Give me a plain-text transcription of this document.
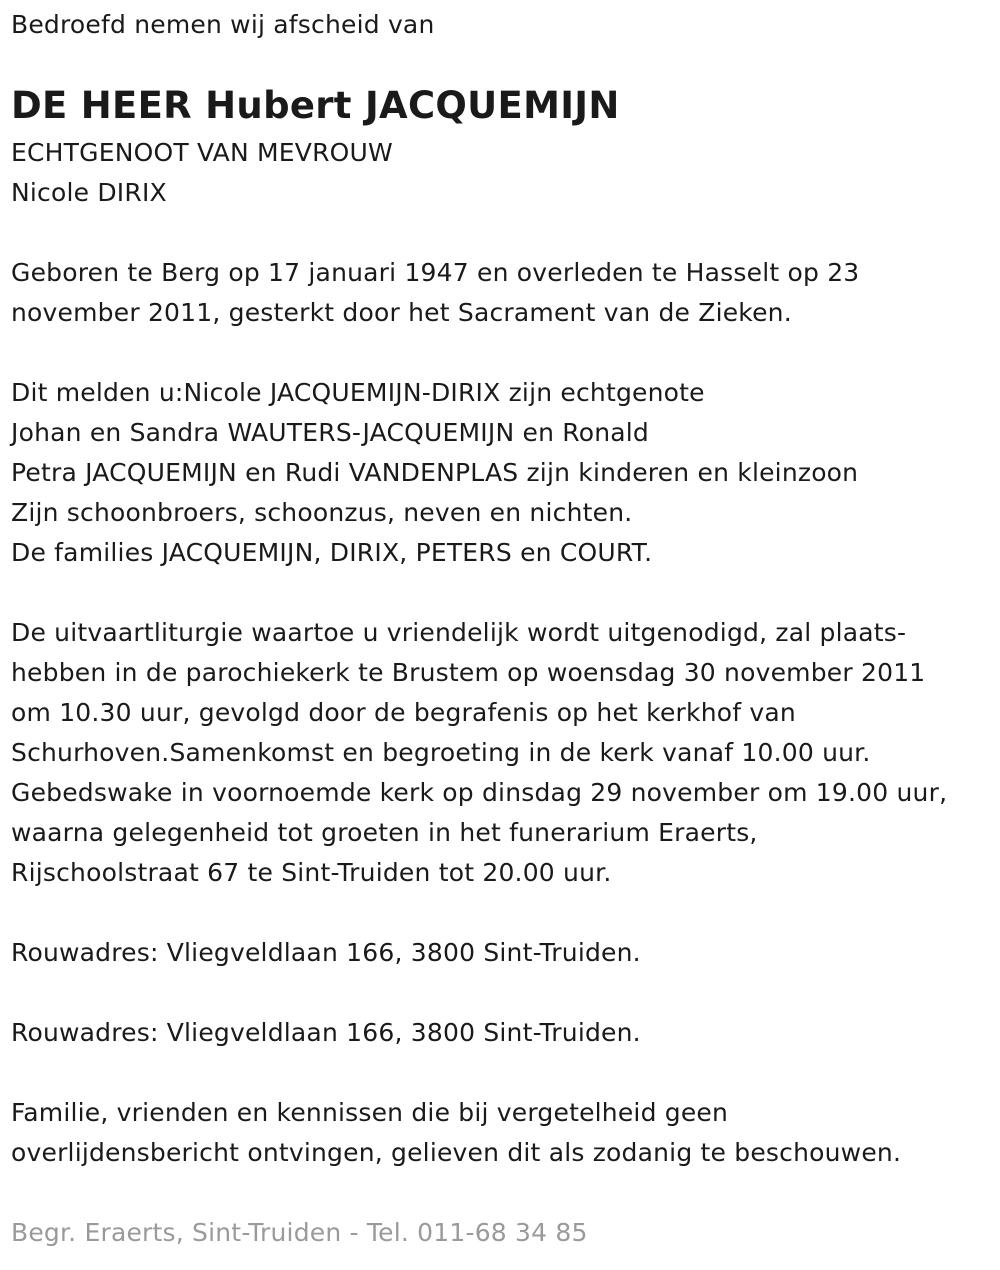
Bedroefd nemen wij afscheid van
DE HEER Hubert JACQUEMIJN
ECHTGENOOT VAN MEVROUW
Nicole DIRIX
Geboren te Berg op 17 januari 1947 en overleden te Hasselt op 23
november 2011, gesterkt door het Sacrament van de Zieken.
Dit melden u:Nicole JACQUEMIJN-DIRIX zijn echtgenote
Johan en Sandra WAUTERS-JACQUEMIJN en Ronald
Petra JACQUEMIJN en Rudi VANDENPLAS zijn kinderen en kleinzoon
Zijn schoonbroers, schoonzus, neven en nichten.
De families JACQUEMIJN, DIRIX, PETERS en COURT.
De uitvaartliturgie waartoe u vriendelijk wordt uitgenodigd, zal plaats-
hebben in de parochiekerk te Brustem op woensdag 30 november 2011
om 10.30 uur, gevolgd door de begrafenis op het kerkhof van
Schurhoven.Samenkomst en begroeting in de kerk vanaf 10.00 uur.
Gebedswake in voornoemde kerk op dinsdag 29 november om 19.00 uur,
waarna gelegenheid tot groeten in het funerarium Eraerts,
Rijschoolstraat 67 te Sint-Truiden tot 20.00 uur.
Rouwadres: Vliegveldlaan 166, 3800 Sint-Truiden.
Rouwadres: Vliegveldlaan 166, 3800 Sint-Truiden.
Familie, vrienden en kennissen die bij vergetelheid geen
overlijdensbericht ontvingen, gelieven dit als zodanig te beschouwen.
Begr. Eraerts, Sint-Truiden - Tel. 011-68 34 85
